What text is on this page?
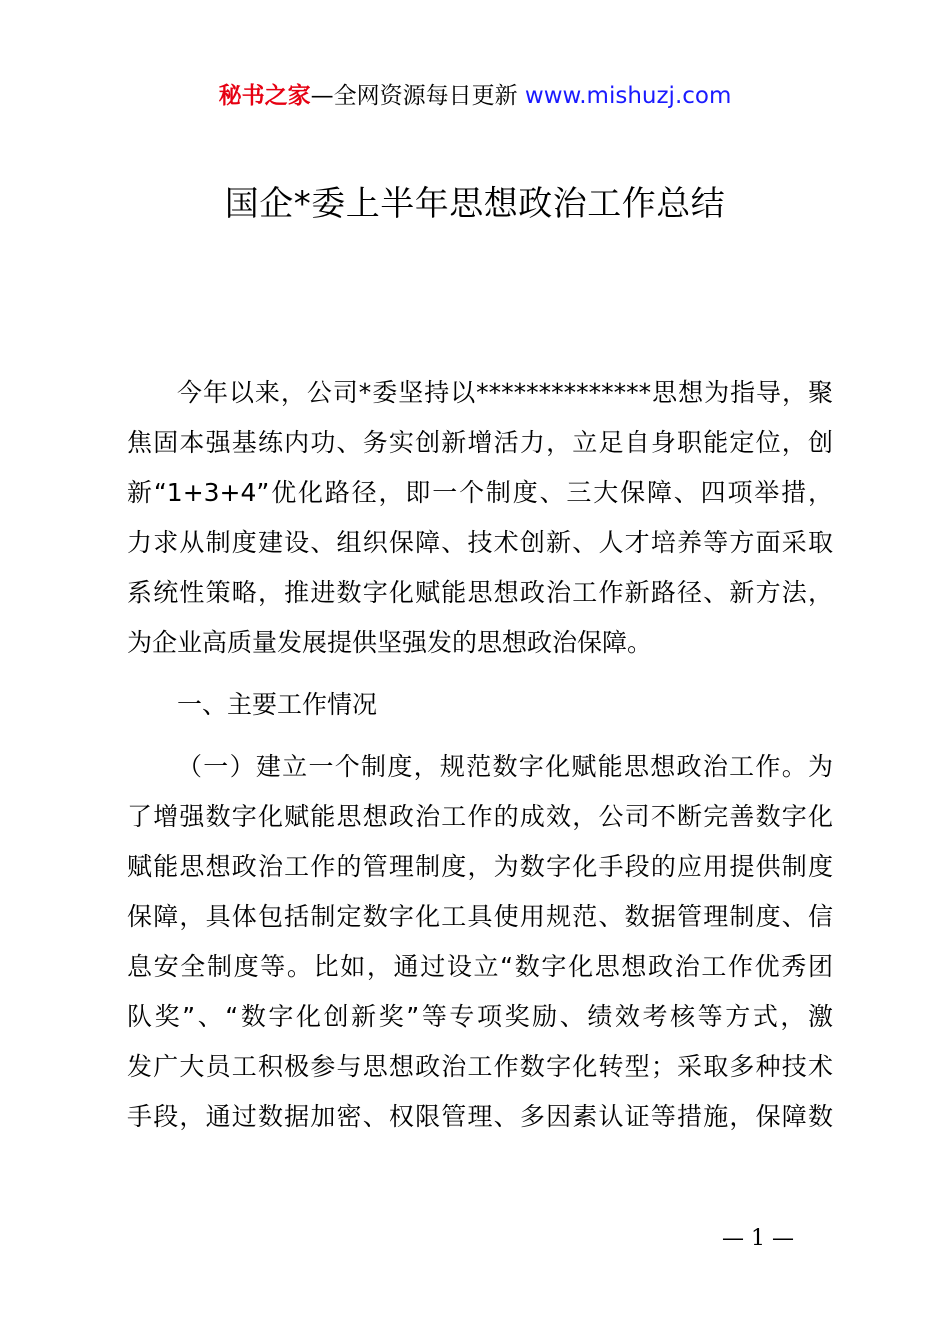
秘书之家—全网资源每日更新 www.mishuzj.com
国企*委上半年思想政治工作总结

今年以来，公司*委坚持以**************思想为指导，聚
焦固本强基练内功、务实创新增活力，立足自身职能定位，创
新“1+3+4”优化路径，即一个制度、三大保障、四项举措，
力求从制度建设、组织保障、技术创新、人才培养等方面采取
系统性策略，推进数字化赋能思想政治工作新路径、新方法，
为企业高质量发展提供坚强发的思想政治保障。

一、主要工作情况

（一）建立一个制度，规范数字化赋能思想政治工作。为
了增强数字化赋能思想政治工作的成效，公司不断完善数字化
赋能思想政治工作的管理制度，为数字化手段的应用提供制度
保障，具体包括制定数字化工具使用规范、数据管理制度、信
息安全制度等。比如，通过设立“数字化思想政治工作优秀团
队奖”、“数字化创新奖”等专项奖励、绩效考核等方式，激
发广大员工积极参与思想政治工作数字化转型；采取多种技术
手段，通过数据加密、权限管理、多因素认证等措施，保障数

— 1 —
